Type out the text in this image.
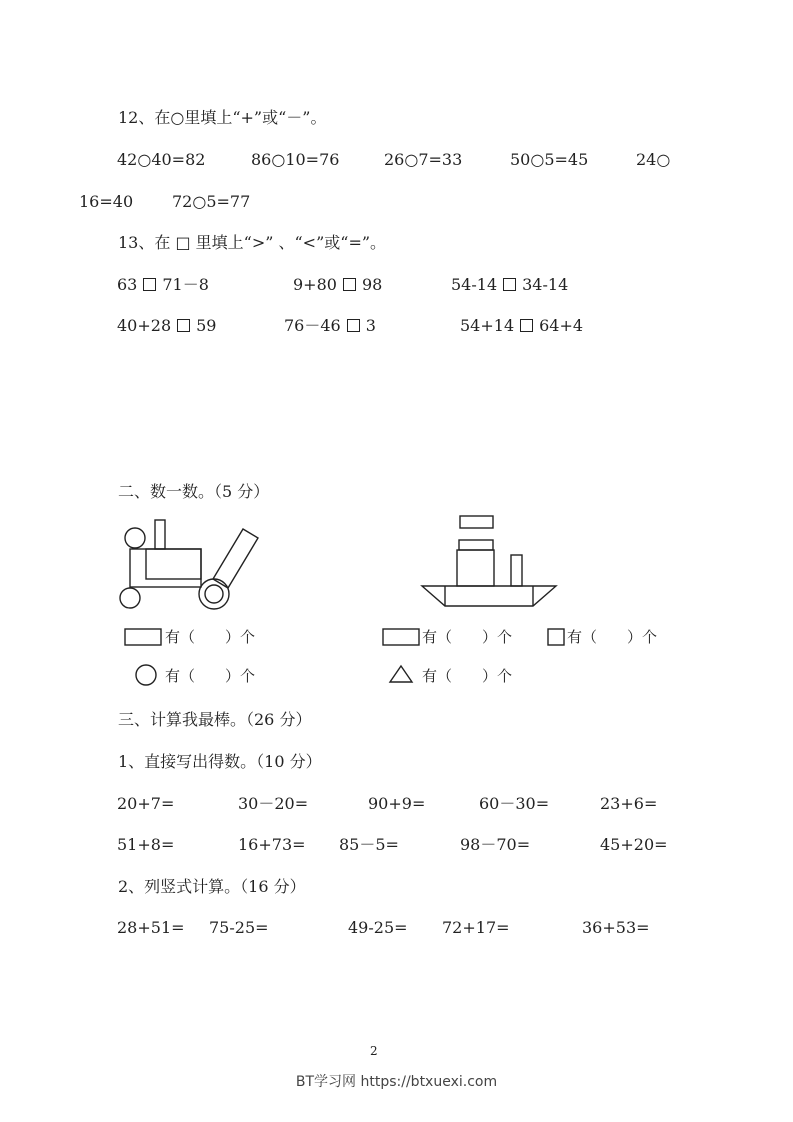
12、在○里填上“+”或“－”。
42○40=82	86○10=76	26○7=33	50○5=45	24○
16=40 72○5=77
13、在 □ 里填上“>” 、“<”或“=”。
63 71－8	9+80 98	54-14 34-14
40+28 59	76－46 3	54+14 64+4
二、数一数。（5 分）
有（　　）个
有（　　）个
有（　　）个	有（　　）个
有（　　）个
三、计算我最棒。（26 分）
1、直接写出得数。（10 分）
20+7=	30－20=	90+9=	60－30=	23+6=
51+8=	16+73= 85－5=	98－70=	45+20=
2、列竖式计算。（16 分）
28+51= 75-25=	49-25= 72+17=	36+53=
2
BT学习网 https://btxuexi.com
